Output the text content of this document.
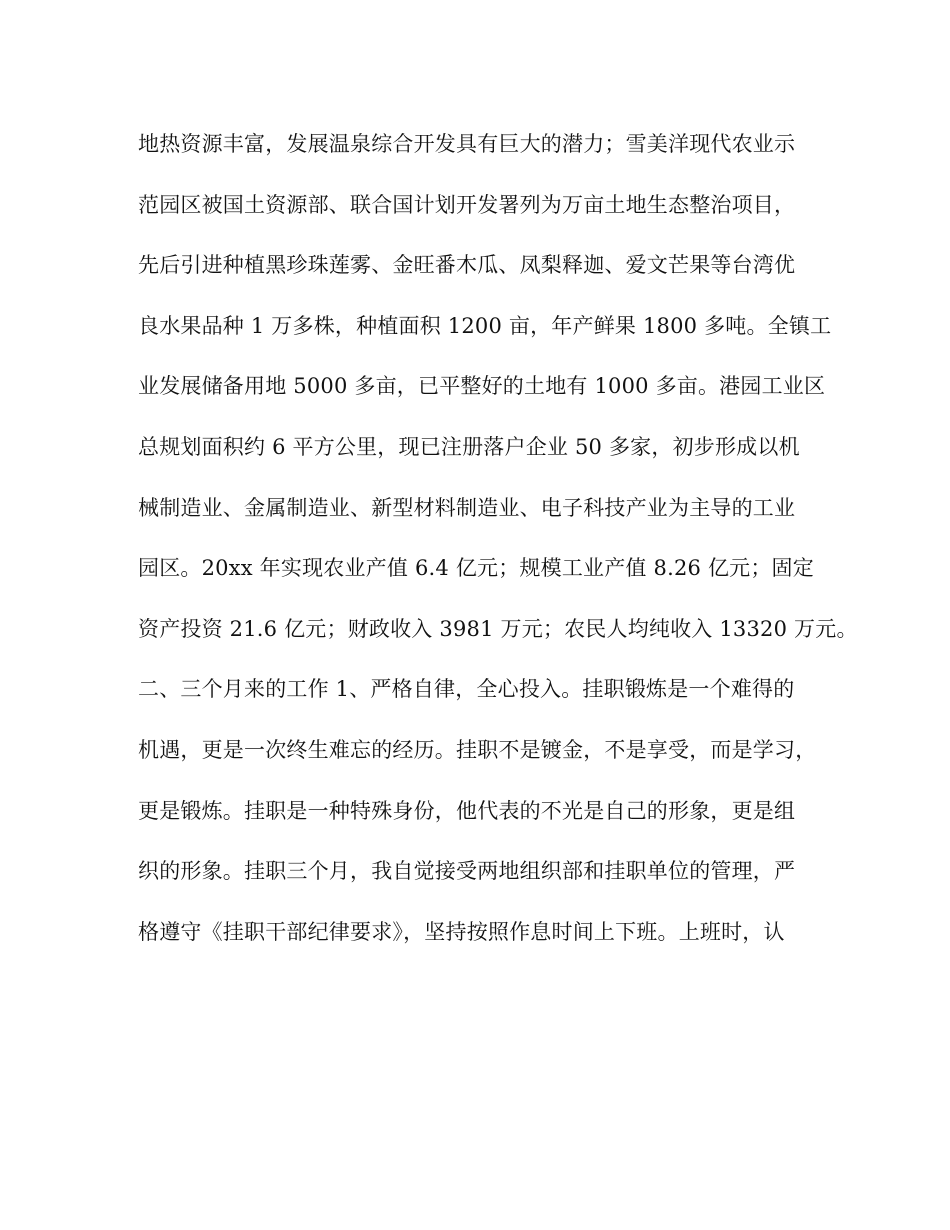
地热资源丰富，发展温泉综合开发具有巨大的潜力；雪美洋现代农业示
范园区被国土资源部、联合国计划开发署列为万亩土地生态整治项目，
先后引进种植黑珍珠莲雾、金旺番木瓜、凤梨释迦、爱文芒果等台湾优
良水果品种 1 万多株，种植面积 1200 亩，年产鲜果 1800 多吨。全镇工
业发展储备用地 5000 多亩，已平整好的土地有 1000 多亩。港园工业区
总规划面积约 6 平方公里，现已注册落户企业 50 多家，初步形成以机
械制造业、金属制造业、新型材料制造业、电子科技产业为主导的工业
园区。20xx 年实现农业产值 6.4 亿元；规模工业产值 8.26 亿元；固定
资产投资 21.6 亿元；财政收入 3981 万元；农民人均纯收入 13320 万元。
二、三个月来的工作 1、严格自律，全心投入。挂职锻炼是一个难得的
机遇，更是一次终生难忘的经历。挂职不是镀金，不是享受，而是学习，
更是锻炼。挂职是一种特殊身份，他代表的不光是自己的形象，更是组
织的形象。挂职三个月，我自觉接受两地组织部和挂职单位的管理，严
格遵守《挂职干部纪律要求》，坚持按照作息时间上下班。上班时，认
